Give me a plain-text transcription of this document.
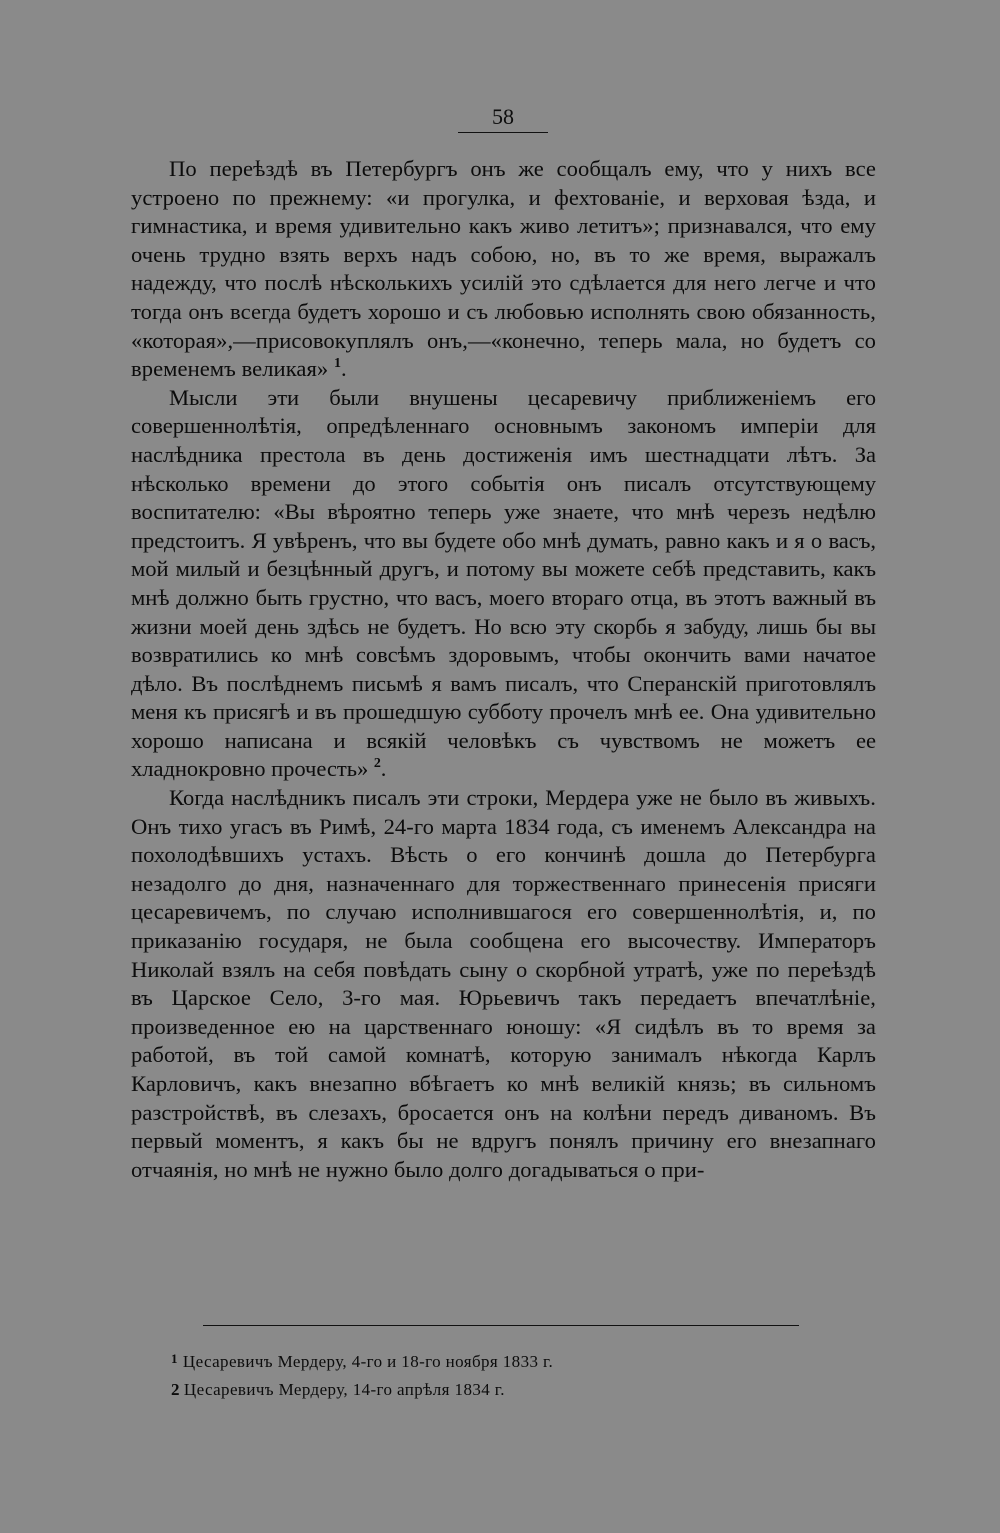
58

По переѣздѣ въ Петербургъ онъ же сообщалъ ему, что у нихъ все устроено по прежнему: «и прогулка, и фехтованіе, и верховая ѣзда, и гимнастика, и время удивительно какъ живо летитъ»; признавался, что ему очень трудно взять верхъ надъ собою, но, въ то же время, выражалъ надежду, что послѣ нѣсколькихъ усилій это сдѣлается для него легче и что тогда онъ всегда будетъ хорошо и съ любовью исполнять свою обязанность, «которая»,—присовокуплялъ онъ,—«конечно, теперь мала, но будетъ со временемъ великая» $^1$.

Мысли эти были внушены цесаревичу приближеніемъ его совершеннолѣтія, опредѣленнаго основнымъ закономъ имперіи для наслѣдника престола въ день достиженія имъ шестнадцати лѣтъ. За нѣсколько времени до этого событія онъ писалъ отсутствующему воспитателю: «Вы вѣроятно теперь уже знаете, что мнѣ черезъ недѣлю предстоитъ. Я увѣренъ, что вы будете обо мнѣ думать, равно какъ и я о васъ, мой милый и безцѣнный другъ, и потому вы можете себѣ представить, какъ мнѣ должно быть грустно, что васъ, моего втораго отца, въ этотъ важный въ жизни моей день здѣсь не будетъ. Но всю эту скорбь я забуду, лишь бы вы возвратились ко мнѣ совсѣмъ здоровымъ, чтобы окончить вами начатое дѣло. Въ послѣднемъ письмѣ я вамъ писалъ, что Сперанскій приготовлялъ меня къ присягѣ и въ прошедшую субботу прочелъ мнѣ ее. Она удивительно хорошо написана и всякій человѣкъ съ чувствомъ не можетъ ее хладнокровно прочесть» $^2$.

Когда наслѣдникъ писалъ эти строки, Мердера уже не было въ живыхъ. Онъ тихо угасъ въ Римѣ, 24-го марта 1834 года, съ именемъ Александра на похолодѣвшихъ устахъ. Вѣсть о его кончинѣ дошла до Петербурга незадолго до дня, назначеннаго для торжественнаго принесенія присяги цесаревичемъ, по случаю исполнившагося его совершеннолѣтія, и, по приказанію государя, не была сообщена его высочеству. Императоръ Николай взялъ на себя повѣдать сыну о скорбной утратѣ, уже по переѣздѣ въ Царское Село, 3-го мая. Юрьевичъ такъ передаетъ впечатлѣніе, произведенное ею на царственнаго юношу: «Я сидѣлъ въ то время за работой, въ той самой комнатѣ, которую занималъ нѣкогда Карлъ Карловичъ, какъ внезапно вбѣгаетъ ко мнѣ великій князь; въ сильномъ разстройствѣ, въ слезахъ, бросается онъ на колѣни передъ диваномъ. Въ первый моментъ, я какъ бы не вдругъ понялъ причину его внезапнаго отчаянія, но мнѣ не нужно было долго догадываться о при-

$^1$ Цесаревичъ Мердеру, 4-го и 18-го ноября 1833 г.
2 Цесаревичъ Мердеру, 14-го апрѣля 1834 г.
